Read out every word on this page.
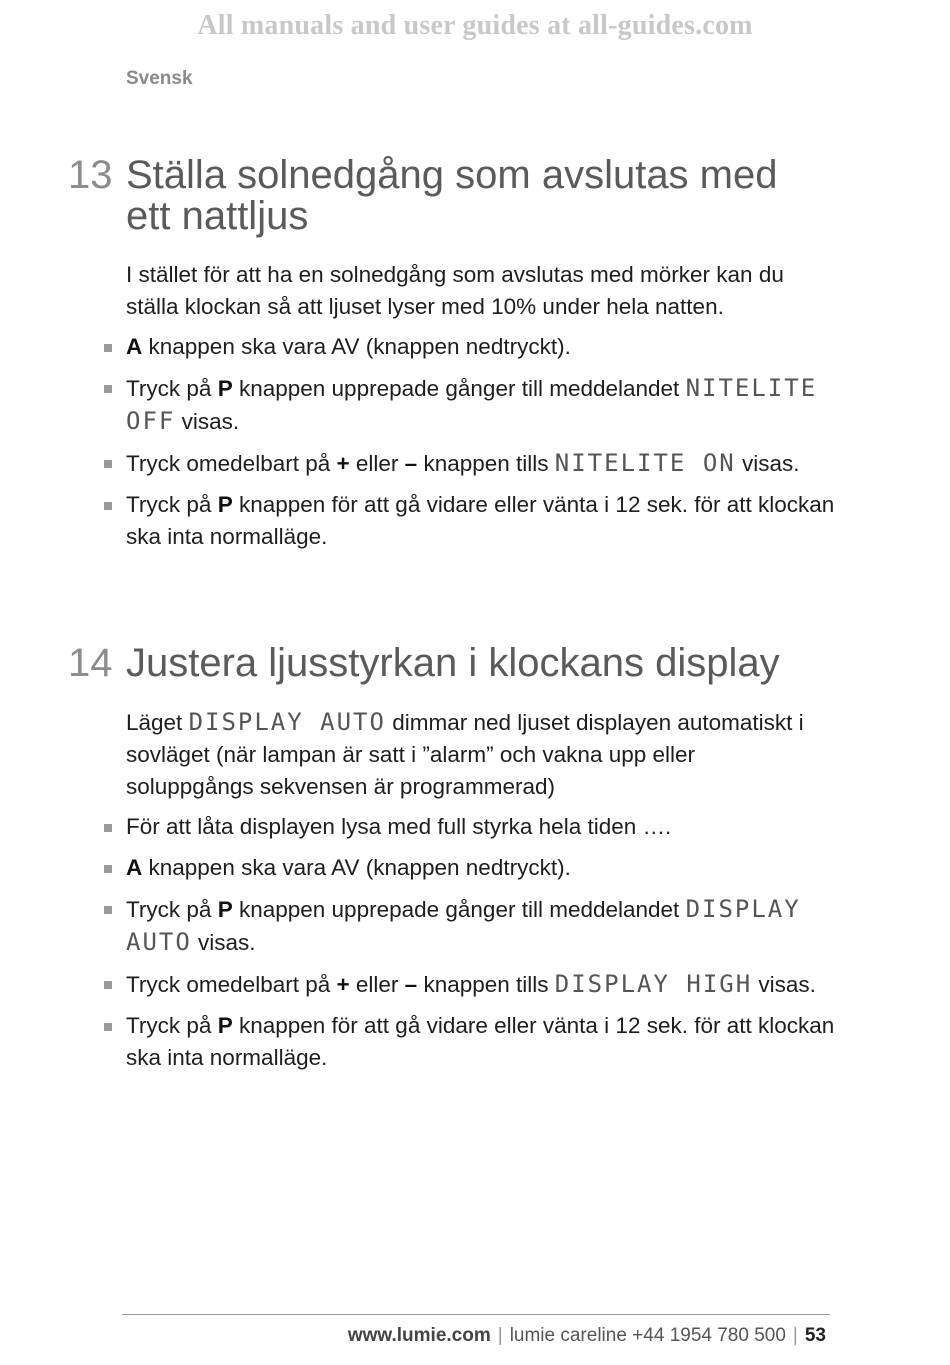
All manuals and user guides at all-guides.com
Svensk
13 Ställa solnedgång som avslutas med ett nattljus

I stället för att ha en solnedgång som avslutas med mörker kan du ställa klockan så att ljuset lyser med 10% under hela natten.

A knappen ska vara AV (knappen nedtryckt).
Tryck på P knappen upprepade gånger till meddelandet NITELITE OFF visas.
Tryck omedelbart på + eller – knappen tills NITELITE ON visas.
Tryck på P knappen för att gå vidare eller vänta i 12 sek. för att klockan ska inta normalläge.
14 Justera ljusstyrkan i klockans display

Läget DISPLAY AUTO dimmar ned ljuset displayen automatiskt i sovläget (när lampan är satt i ”alarm” och vakna upp eller soluppgångs sekvensen är programmerad)

För att låta displayen lysa med full styrka hela tiden ….
A knappen ska vara AV (knappen nedtryckt).
Tryck på P knappen upprepade gånger till meddelandet DISPLAY AUTO visas.
Tryck omedelbart på + eller – knappen tills DISPLAY HIGH visas.
Tryck på P knappen för att gå vidare eller vänta i 12 sek. för att klockan ska inta normalläge.
www.lumie.com | lumie careline +44 1954 780 500 | 53
